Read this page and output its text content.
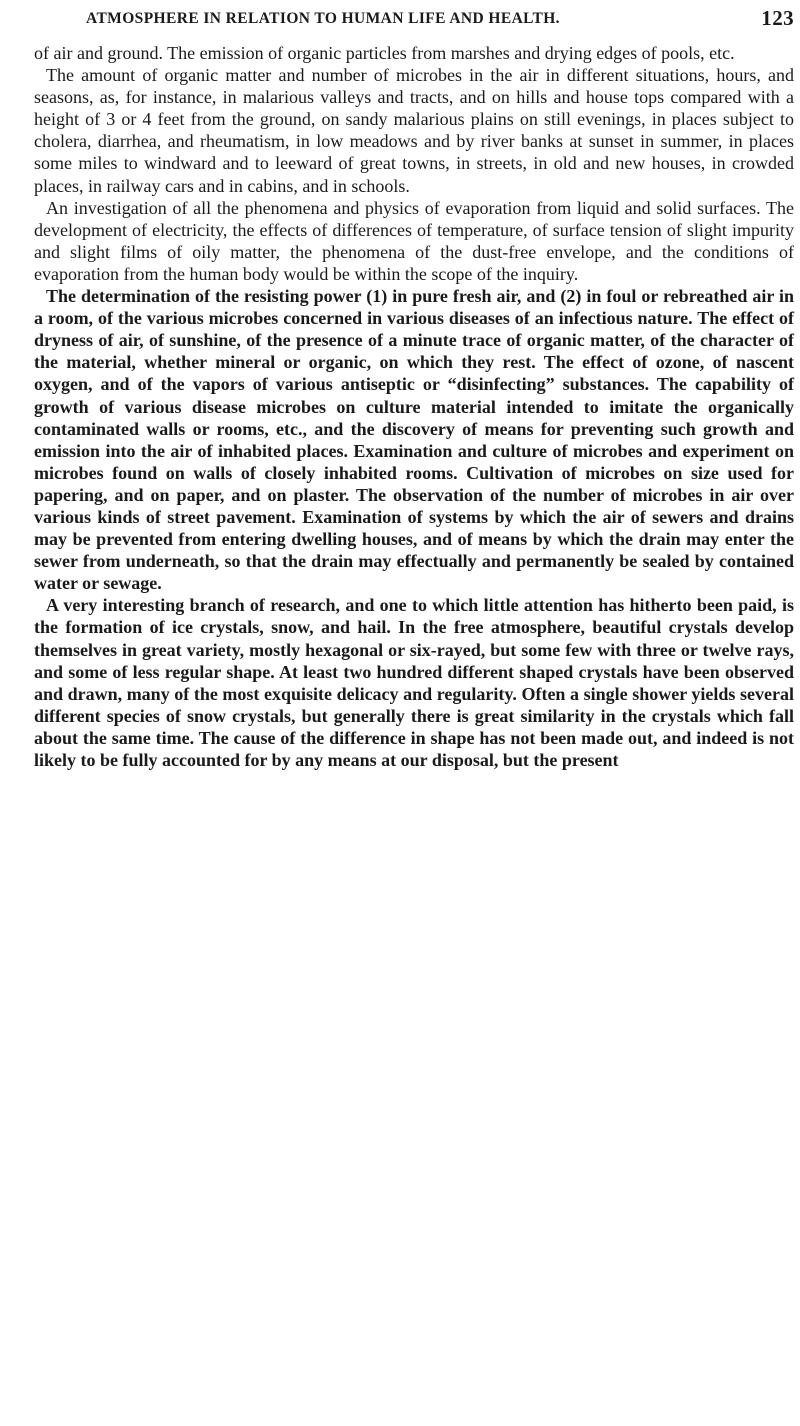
ATMOSPHERE IN RELATION TO HUMAN LIFE AND HEALTH.	123

of air and ground. The emission of organic particles from marshes and drying edges of pools, etc.

The amount of organic matter and number of microbes in the air in different situations, hours, and seasons, as, for instance, in malarious valleys and tracts, and on hills and house tops compared with a height of 3 or 4 feet from the ground, on sandy malarious plains on still evenings, in places subject to cholera, diarrhea, and rheumatism, in low meadows and by river banks at sunset in summer, in places some miles to windward and to leeward of great towns, in streets, in old and new houses, in crowded places, in railway cars and in cabins, and in schools.

An investigation of all the phenomena and physics of evaporation from liquid and solid surfaces. The development of electricity, the effects of differences of temperature, of surface tension of slight impurity and slight films of oily matter, the phenomena of the dust-free envelope, and the conditions of evaporation from the human body would be within the scope of the inquiry.

The determination of the resisting power (1) in pure fresh air, and (2) in foul or rebreathed air in a room, of the various microbes concerned in various diseases of an infectious nature. The effect of dryness of air, of sunshine, of the presence of a minute trace of organic matter, of the character of the material, whether mineral or organic, on which they rest. The effect of ozone, of nascent oxygen, and of the vapors of various antiseptic or “disinfecting” substances. The capability of growth of various disease microbes on culture material intended to imitate the organically contaminated walls or rooms, etc., and the discovery of means for preventing such growth and emission into the air of inhabited places. Examination and culture of microbes and experiment on microbes found on walls of closely inhabited rooms. Cultivation of microbes on size used for papering, and on paper, and on plaster. The observation of the number of microbes in air over various kinds of street pavement. Examination of systems by which the air of sewers and drains may be prevented from entering dwelling houses, and of means by which the drain may enter the sewer from underneath, so that the drain may effectually and permanently be sealed by contained water or sewage.

A very interesting branch of research, and one to which little attention has hitherto been paid, is the formation of ice crystals, snow, and hail. In the free atmosphere, beautiful crystals develop themselves in great variety, mostly hexagonal or six-rayed, but some few with three or twelve rays, and some of less regular shape. At least two hundred different shaped crystals have been observed and drawn, many of the most exquisite delicacy and regularity. Often a single shower yields several different species of snow crystals, but generally there is great similarity in the crystals which fall about the same time. The cause of the difference in shape has not been made out, and indeed is not likely to be fully accounted for by any means at our disposal, but the present
